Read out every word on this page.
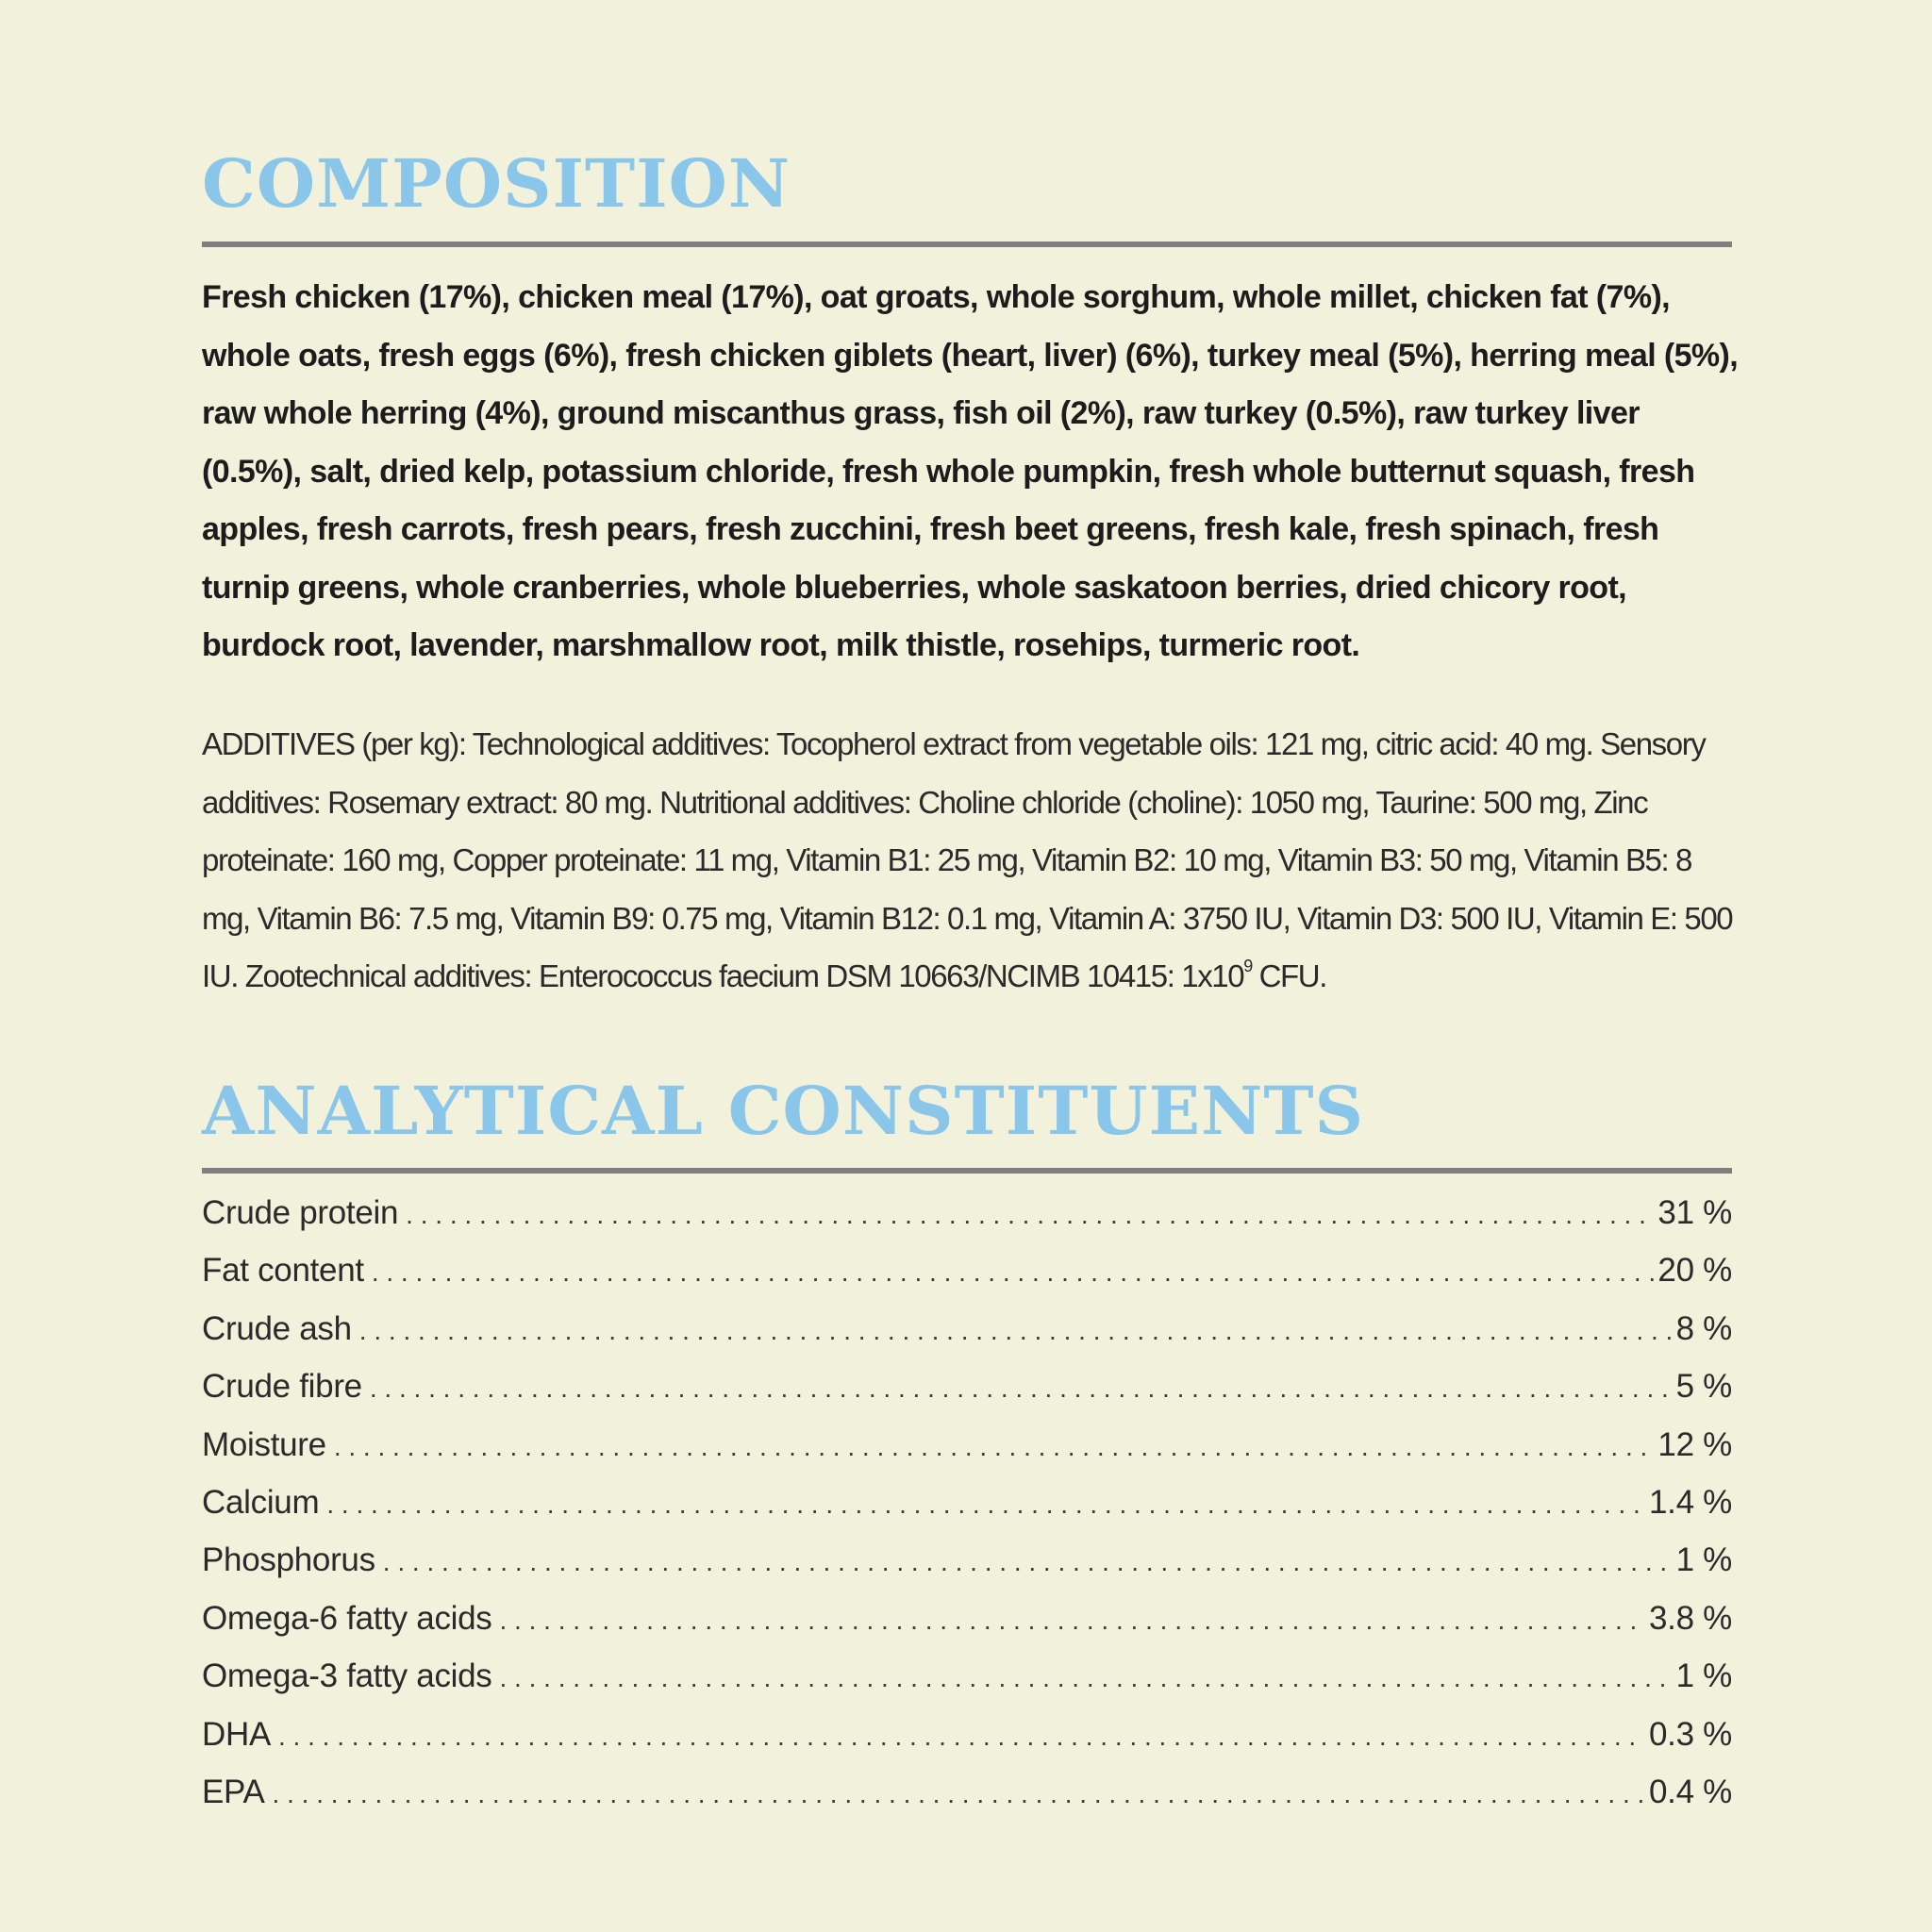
COMPOSITION

Fresh chicken (17%), chicken meal (17%), oat groats, whole sorghum, whole millet, chicken fat (7%), whole oats, fresh eggs (6%), fresh chicken giblets (heart, liver) (6%), turkey meal (5%), herring meal (5%), raw whole herring (4%), ground miscanthus grass, fish oil (2%), raw turkey (0.5%), raw turkey liver (0.5%), salt, dried kelp, potassium chloride, fresh whole pumpkin, fresh whole butternut squash, fresh apples, fresh carrots, fresh pears, fresh zucchini, fresh beet greens, fresh kale, fresh spinach, fresh turnip greens, whole cranberries, whole blueberries, whole saskatoon berries, dried chicory root, burdock root, lavender, marshmallow root, milk thistle, rosehips, turmeric root.

ADDITIVES (per kg): Technological additives: Tocopherol extract from vegetable oils: 121 mg, citric acid: 40 mg. Sensory additives: Rosemary extract: 80 mg. Nutritional additives: Choline chloride (choline): 1050 mg, Taurine: 500 mg, Zinc proteinate: 160 mg, Copper proteinate: 11 mg, Vitamin B1: 25 mg, Vitamin B2: 10 mg, Vitamin B3: 50 mg, Vitamin B5: 8 mg, Vitamin B6: 7.5 mg, Vitamin B9: 0.75 mg, Vitamin B12: 0.1 mg, Vitamin A: 3750 IU, Vitamin D3: 500 IU, Vitamin E: 500 IU. Zootechnical additives: Enterococcus faecium DSM 10663/NCIMB 10415: $1x10^9$ CFU.

ANALYTICAL CONSTITUENTS
Crude protein . . .	31 %
Fat content . . .	20 %
Crude ash . . .	8 %
Crude fibre . . .	5 %
Moisture . . .	12 %
Calcium . . .	1.4 %
Phosphorus . . .	1 %
Omega-6 fatty acids . . .	3.8 %
Omega-3 fatty acids . . .	1 %
DHA . . .	0.3 %
EPA . . .	0.4 %
